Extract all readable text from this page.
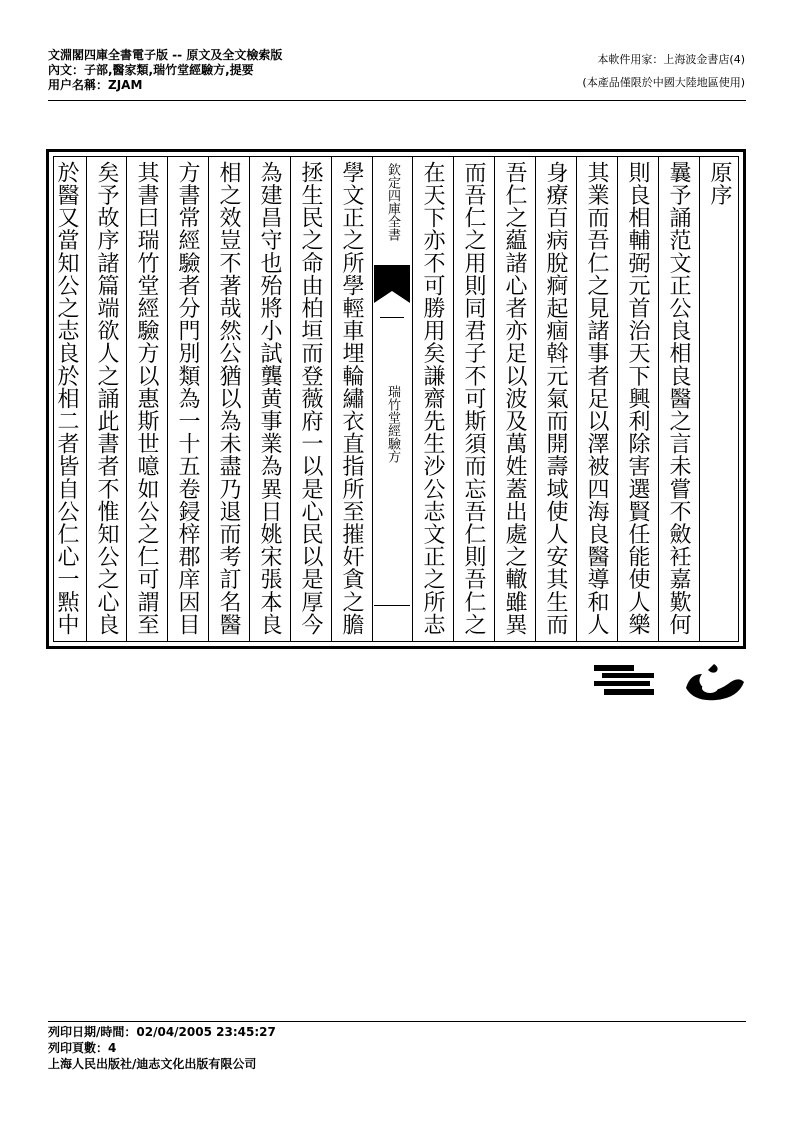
文淵閣四庫全書電子版 -- 原文及全文檢索版
內文：子部,醫家類,瑞竹堂經驗方,提要
用户名稱：ZJAM
本軟件用家：上海波金書店(4)
(本產品僅限於中國大陸地區使用)
原序
曩予誦范文正公良相良醫之言未嘗不斂衽嘉歎何
則良相輔弼元首治天下興利除害選賢任能使人樂
其業而吾仁之見諸事者足以澤被四海良醫導和人
身療百病脫痾起痼斡元氣而開壽域使人安其生而
吾仁之藴諸心者亦足以波及萬姓蓋出處之轍雖異
而吾仁之用則同君子不可斯須而忘吾仁則吾仁之
在天下亦不可勝用矣謙齋先生沙公志文正之所志
欽定四庫全書
瑞竹堂經驗方
學文正之所學輕車埋輪繡衣直指所至摧奸貪之膽
拯生民之命由柏垣而登薇府一以是心民以是厚今
為建昌守也殆將小試龔黄事業為異日姚宋張本良
相之效豈不著哉然公猶以為未盡乃退而考訂名醫
方書常經驗者分門別類為一十五卷鋟梓郡庠因目
其書曰瑞竹堂經驗方以惠斯世噫如公之仁可謂至
矣予故序諸篇端欲人之誦此書者不惟知公之心良
於醫又當知公之志良於相二者皆自公仁心一㸃中
列印日期/時間：02/04/2005 23:45:27
列印頁數：4
上海人民出版社/迪志文化出版有限公司
